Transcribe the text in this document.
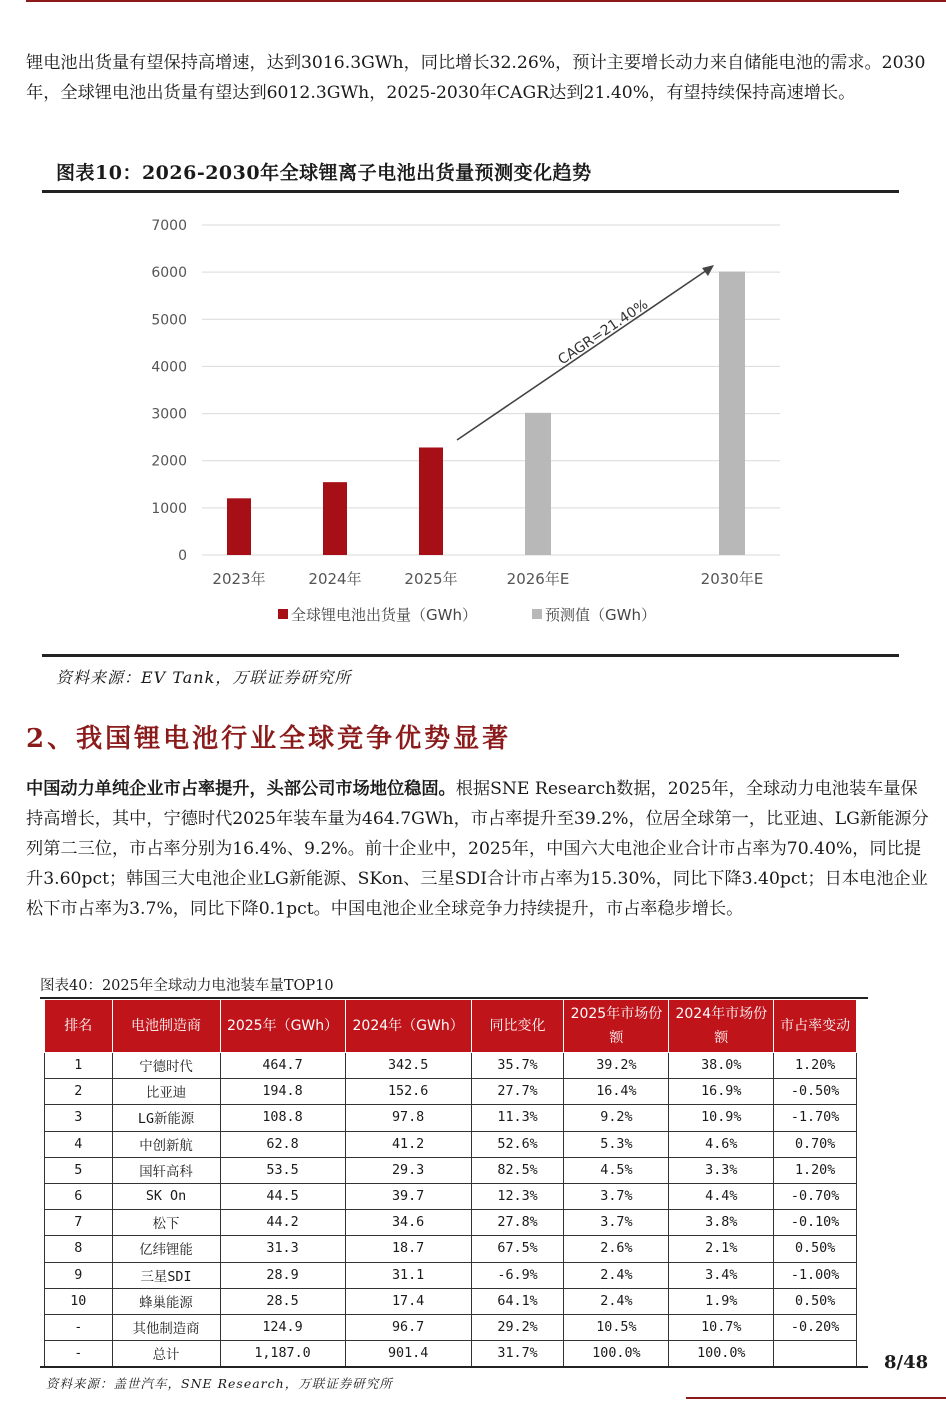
锂电池出货量有望保持高增速，达到3016.3GWh，同比增长32.26%，预计主要增长动力来自储能电池的需求。2030年，全球锂电池出货量有望达到6012.3GWh，2025-2030年CAGR达到21.40%，有望持续保持高速增长。

图表10：2026-2030年全球锂离子电池出货量预测变化趋势
0
1000
2000
3000
4000
5000
6000
7000
2023年	2024年	2025年	2026年E	2030年E
CAGR=21.40%
全球锂电池出货量（GWh）	预测值（GWh）
资料来源：EV Tank，万联证券研究所
2、我国锂电池行业全球竞争优势显著

中国动力单纯企业市占率提升，头部公司市场地位稳固。根据SNE Research数据，2025年，全球动力电池装车量保持高增长，其中，宁德时代2025年装车量为464.7GWh，市占率提升至39.2%，位居全球第一，比亚迪、LG新能源分列第二三位，市占率分别为16.4%、9.2%。前十企业中，2025年，中国六大电池企业合计市占率为70.40%，同比提升3.60pct；韩国三大电池企业LG新能源、SKon、三星SDI合计市占率为15.30%，同比下降3.40pct；日本电池企业松下市占率为3.7%，同比下降0.1pct。中国电池企业全球竞争力持续提升，市占率稳步增长。

图表40：2025年全球动力电池装车量TOP10
排名	电池制造商	2025年（GWh）	2024年（GWh）	同比变化	2025年市场份额	2024年市场份额	市占率变动
1	宁德时代	464.7	342.5	35.7%	39.2%	38.0%	1.20%
2	比亚迪	194.8	152.6	27.7%	16.4%	16.9%	-0.50%
3	LG新能源	108.8	97.8	11.3%	9.2%	10.9%	-1.70%
4	中创新航	62.8	41.2	52.6%	5.3%	4.6%	0.70%
5	国轩高科	53.5	29.3	82.5%	4.5%	3.3%	1.20%
6	SK On	44.5	39.7	12.3%	3.7%	4.4%	-0.70%
7	松下	44.2	34.6	27.8%	3.7%	3.8%	-0.10%
8	亿纬锂能	31.3	18.7	67.5%	2.6%	2.1%	0.50%
9	三星SDI	28.9	31.1	-6.9%	2.4%	3.4%	-1.00%
10	蜂巢能源	28.5	17.4	64.1%	2.4%	1.9%	0.50%
-	其他制造商	124.9	96.7	29.2%	10.5%	10.7%	-0.20%
-	总计	1,187.0	901.4	31.7%	100.0%	100.0%		8/48
资料来源：盖世汽车，SNE Research，万联证券研究所
